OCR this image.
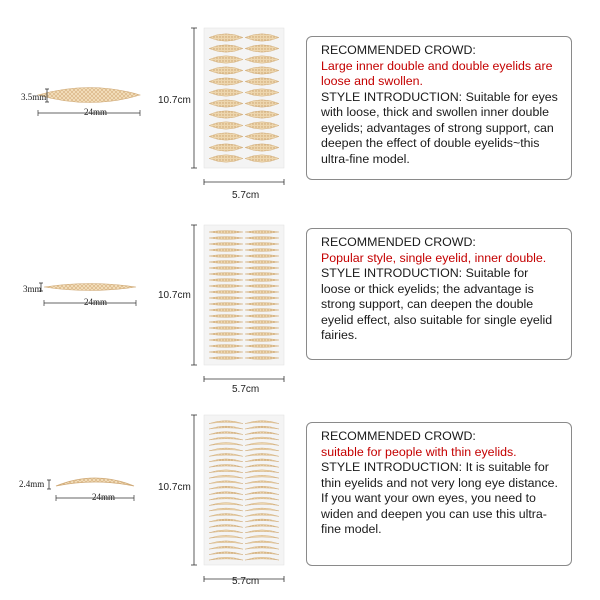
3.5mm
24mm
10.7cm
5.7cm
RECOMMENDED CROWD:
Large inner double and double eyelids are loose and swollen.
STYLE INTRODUCTION: Suitable for eyes with loose, thick and swollen inner double eyelids; advantages of strong support, can deepen the effect of double eyelids~this ultra-fine model.
3mm
24mm
10.7cm
5.7cm
RECOMMENDED CROWD:
Popular style, single eyelid, inner double.
STYLE INTRODUCTION: Suitable for loose or thick eyelids; the advantage is strong support, can deepen the double eyelid effect, also suitable for single eyelid fairies.
2.4mm
24mm
10.7cm
5.7cm
RECOMMENDED CROWD:
suitable for people with thin eyelids.
STYLE INTRODUCTION: It is suitable for thin eyelids and not very long eye distance. If you want your own eyes, you need to widen and deepen you can use this ultra-fine model.
